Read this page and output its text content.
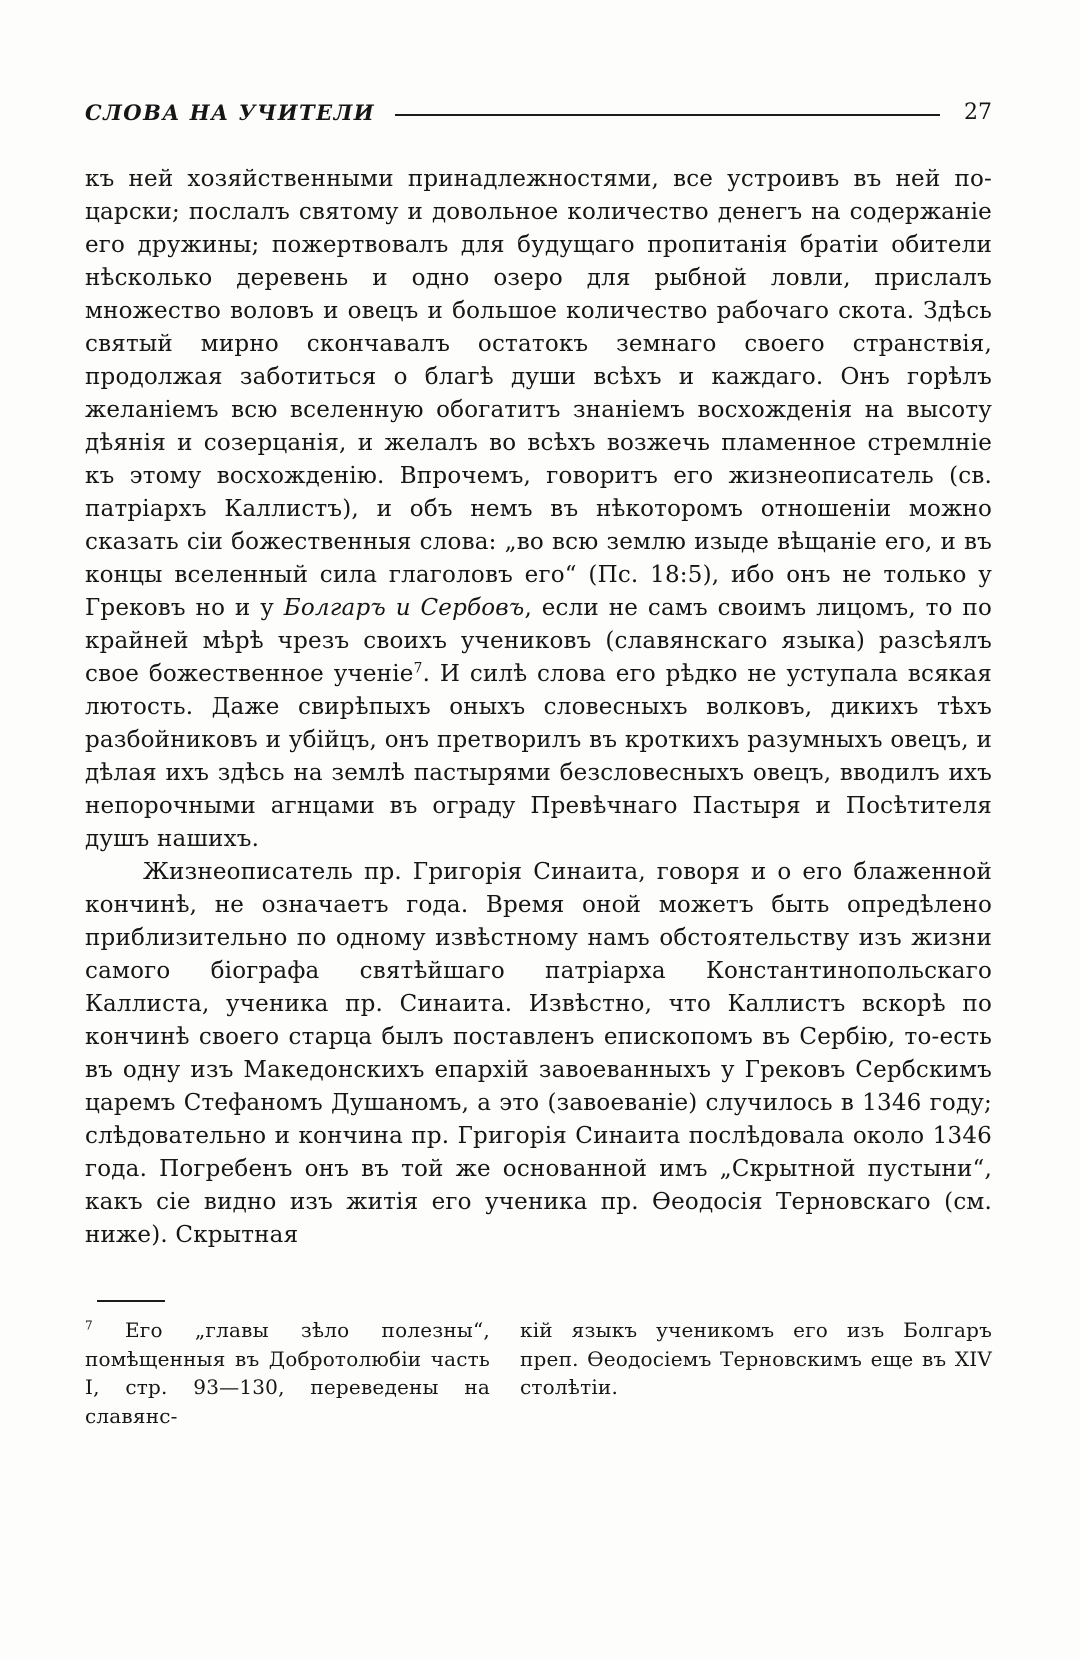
СЛОВА НА УЧИТЕЛИ	27

къ ней хозяйственными принадлежностями, все устроивъ въ ней по-царски; послалъ святому и довольное количество денегъ на содержаніе его дружины; пожертвовалъ для будущаго пропитанія братіи обители нѣсколько деревень и одно озеро для рыбной ловли, прислалъ множество воловъ и овецъ и большое количество рабочаго скота. Здѣсь святый мирно скончавалъ остатокъ земнаго своего странствія, продолжая заботиться о благѣ души всѣхъ и каждаго. Онъ горѣлъ желаніемъ всю вселенную обогатитъ знаніемъ восхожденія на высоту дѣянія и созерцанія, и желалъ во всѣхъ возжечь пламенное стремлніе къ этому восхожденію. Впрочемъ, говоритъ его жизнеописатель (св. патріархъ Каллистъ), и объ немъ въ нѣкоторомъ отношеніи можно сказать сіи божественныя слова: „во всю землю изыде вѣщаніе его, и въ концы вселенный сила глаголовъ его“ (Пс. 18:5), ибо онъ не только у Грековъ но и у Болгаръ и Сербовъ, если не самъ своимъ лицомъ, то по крайней мѣрѣ чрезъ своихъ учениковъ (славянскаго языка) разсѣялъ свое божественное ученіе$^7$. И силѣ слова его рѣдко не уступала всякая лютость. Даже свирѣпыхъ оныхъ словесныхъ волковъ, дикихъ тѣхъ разбойниковъ и убійцъ, онъ претворилъ въ кроткихъ разумныхъ овецъ, и дѣлая ихъ здѣсь на землѣ пастырями безсловесныхъ овецъ, вводилъ ихъ непорочными агнцами въ ограду Превѣчнаго Пастыря и Посѣтителя душъ нашихъ.

Жизнеописатель пр. Григорія Синаита, говоря и о его блаженной кончинѣ, не означаетъ года. Время оной можетъ быть опредѣлено приблизительно по одному извѣстному намъ обстоятельству изъ жизни самого біографа святѣйшаго патріарха Константинопольскаго Каллиста, ученика пр. Синаита. Извѣстно, что Каллистъ вскорѣ по кончинѣ своего старца былъ поставленъ епископомъ въ Сербію, то-есть въ одну изъ Македонскихъ епархій завоеванныхъ у Грековъ Сербскимъ царемъ Стефаномъ Душаномъ, а это (завоеваніе) случилось в 1346 году; слѣдовательно и кончина пр. Григорія Синаита послѣдовала около 1346 года. Погребенъ онъ въ той же основанной имъ „Скрытной пустыни“, какъ сіе видно изъ житія его ученика пр. Ѳеодосія Терновскаго (см. ниже). Скрытная

$^7$ Его „главы зѣло полезны“, помѣщенныя въ Добротолюбіи часть I, стр. 93—130, переведены на славянс-
кій языкъ ученикомъ его изъ Болгаръ преп. Ѳеодосіемъ Терновскимъ еще въ XIV столѣтіи.
